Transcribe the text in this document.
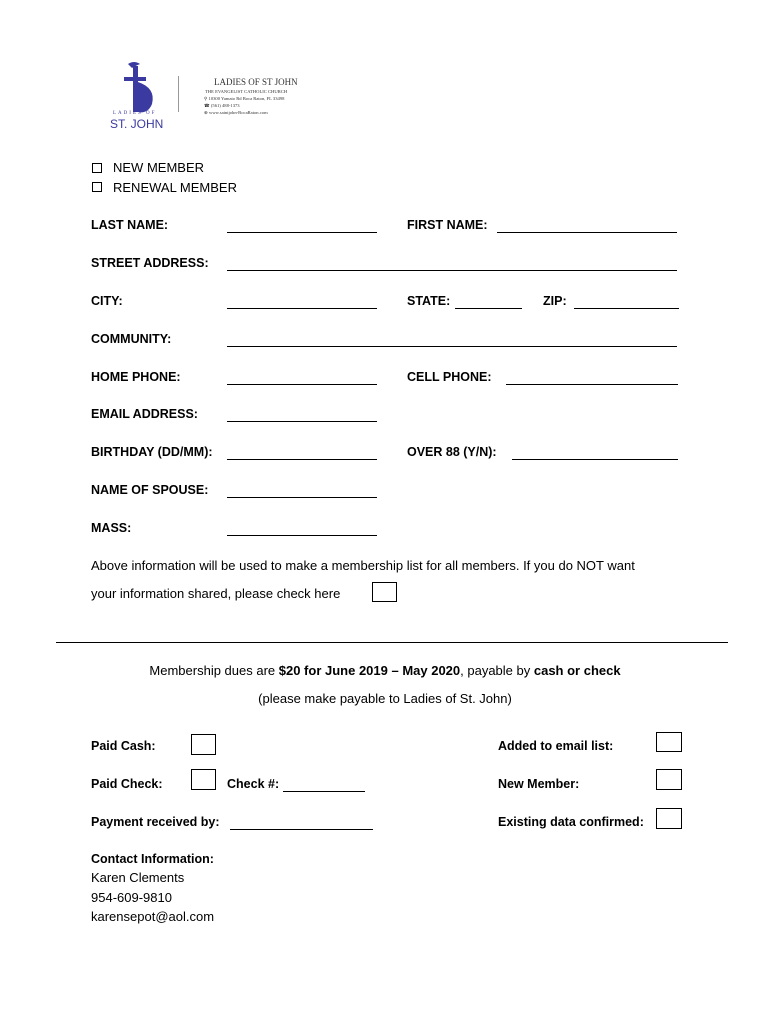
LADIES OF
ST. JOHN
LADIES OF ST JOHN
THE EVANGELIST CATHOLIC CHURCH
⚲ 10300 Yamato Rd Boca Raton, FL 33498
☎ (561) 488-1373
⊕ www.saintjohn-BocaRaton.com
NEW MEMBER
RENEWAL MEMBER
LAST NAME:	FIRST NAME:
STREET ADDRESS:
CITY:	STATE:	ZIP:
COMMUNITY:
HOME PHONE:	CELL PHONE:
EMAIL ADDRESS:
BIRTHDAY (DD/MM):	OVER 88 (Y/N):
NAME OF SPOUSE:
MASS:
Above information will be used to make a membership list for all members. If you do NOT want
your information shared, please check here
Membership dues are $20 for June 2019 – May 2020, payable by cash or check
(please make payable to Ladies of St. John)
Paid Cash:
Paid Check:	Check #:
Payment received by:
Added to email list:
New Member:
Existing data confirmed:
Contact Information:
Karen Clements
954-609-9810
karensepot@aol.com
